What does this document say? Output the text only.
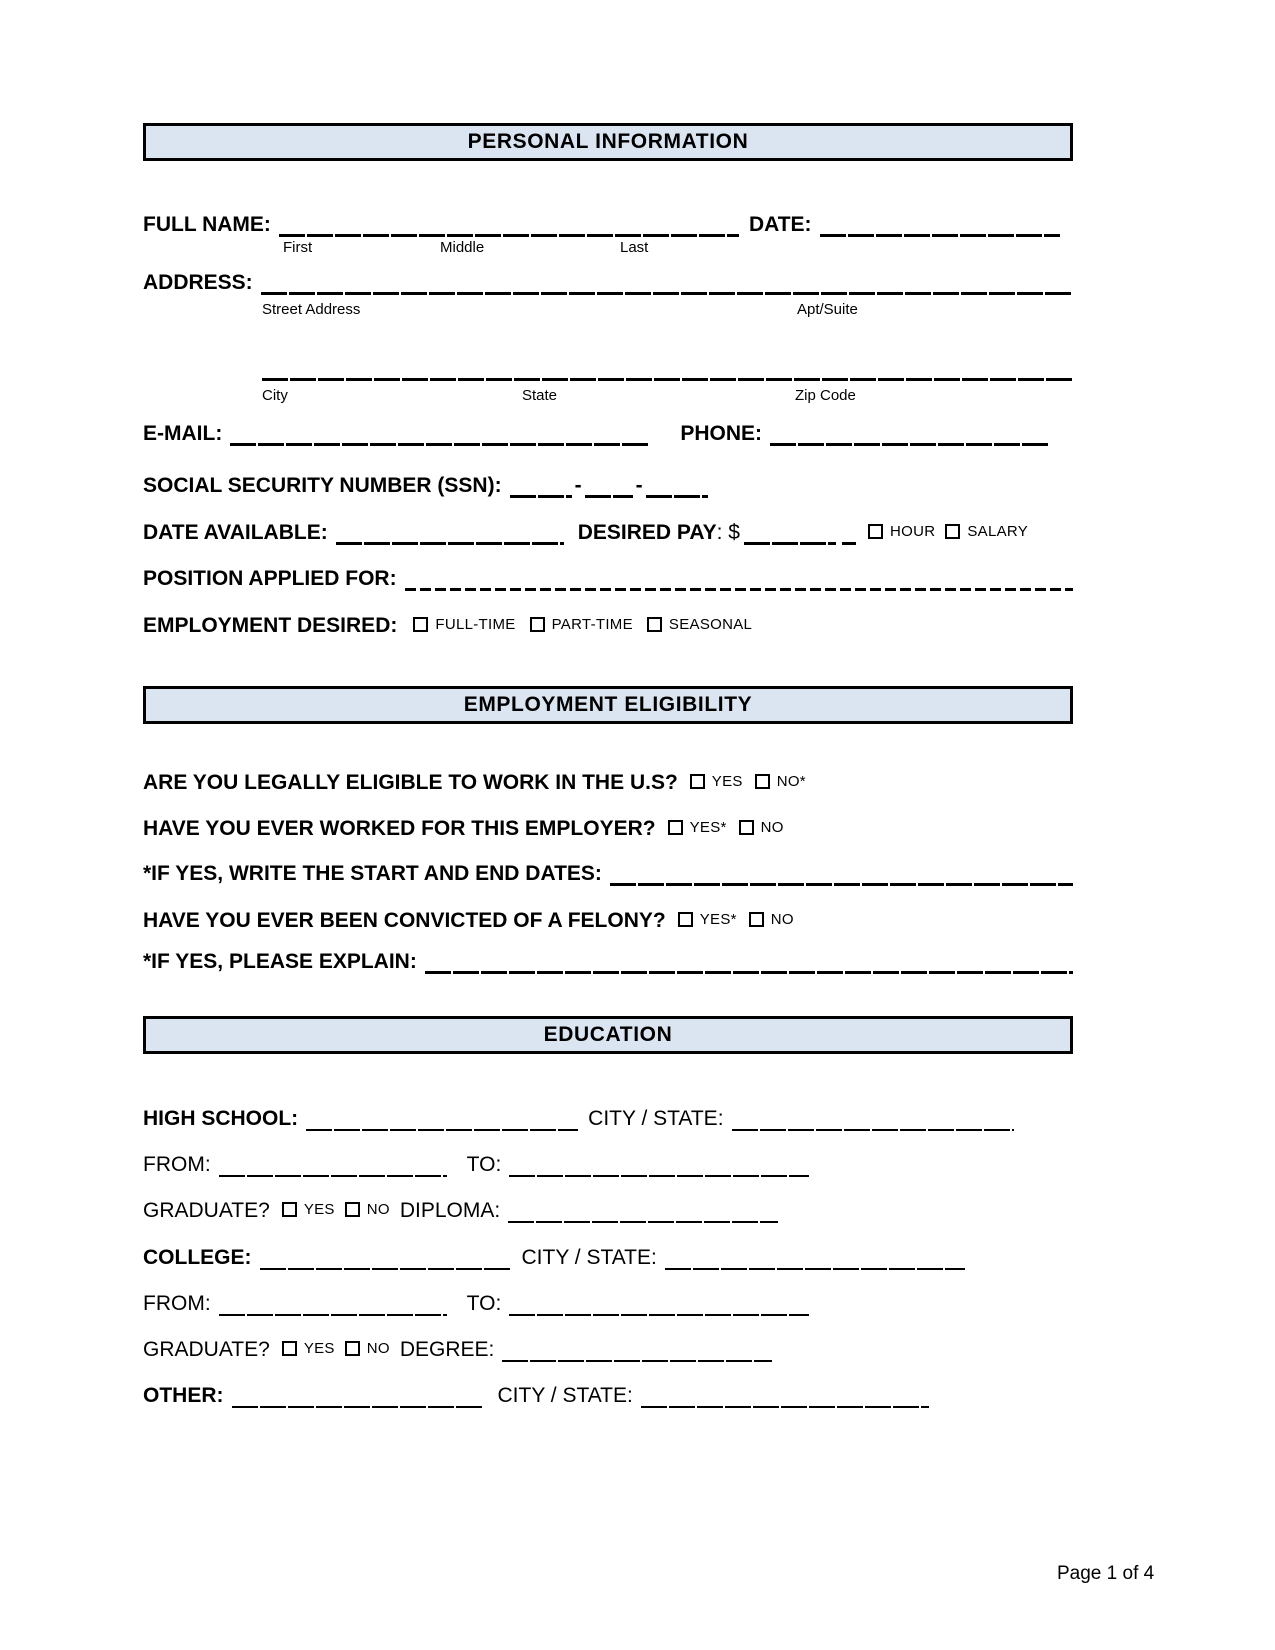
PERSONAL INFORMATION
FULL NAME:	DATE:
First	Middle	Last
ADDRESS:
Street Address	Apt/Suite
City	State	Zip Code
E-MAIL:	PHONE:
SOCIAL SECURITY NUMBER (SSN):	-	-
DATE AVAILABLE:	DESIRED PAY : $	HOUR SALARY
POSITION APPLIED FOR:
EMPLOYMENT DESIRED:	FULL-TIME PART-TIME SEASONAL
EMPLOYMENT ELIGIBILITY
ARE YOU LEGALLY ELIGIBLE TO WORK IN THE U.S? YES NO*
HAVE YOU EVER WORKED FOR THIS EMPLOYER? YES* NO
*IF YES, WRITE THE START AND END DATES:
HAVE YOU EVER BEEN CONVICTED OF A FELONY? YES* NO
*IF YES, PLEASE EXPLAIN:
EDUCATION
HIGH SCHOOL:	CITY / STATE:
FROM:	TO:
GRADUATE? YES NO DIPLOMA:
COLLEGE:	CITY / STATE:
FROM:	TO:
GRADUATE? YES NO DEGREE:
OTHER:	CITY / STATE:
Page 1 of 4
